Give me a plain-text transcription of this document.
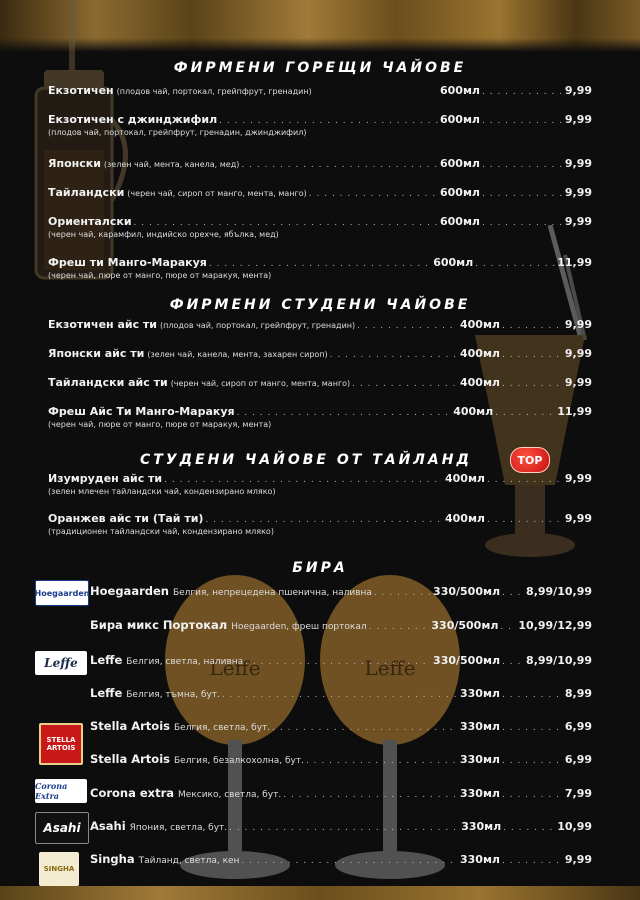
Leffe	Leffe
ФИРМЕНИ ГОРЕЩИ ЧАЙОВЕ
Екзотичен (плодов чай, портокал, грейпфрут, гренадин)	600мл . . .	9,99
Екзотичен с джинджифил . . .	600мл . . .	9,99
(плодов чай, портокал, грейпфрут, гренадин, джинджифил)
Японски (зелен чай, мента, канела, мед) . . .	600мл . . .	9,99
Тайландски (черен чай, сироп от манго, мента, манго) . . .	600мл . . .	9,99
Ориенталски . . .	600мл . . .	9,99
(черен чай, карамфил, индийско орехче, ябълка, мед)
Фреш ти Манго-Маракуя . . .	600мл . . .	11,99
(черен чай, пюре от манго, пюре от маракуя, мента)
ФИРМЕНИ СТУДЕНИ ЧАЙОВЕ
Екзотичен айс ти (плодов чай, портокал, грейпфрут, гренадин) . . .	400мл . . .	9,99
Японски айс ти (зелен чай, канела, мента, захарен сироп) . . .	400мл . . .	9,99
Тайландски айс ти (черен чай, сироп от манго, мента, манго) . . .	400мл . . .	9,99
Фреш Айс Ти Манго-Маракуя . . .	400мл . . .	11,99
(черен чай, пюре от манго, пюре от маракуя, мента)
СТУДЕНИ ЧАЙОВЕ ОТ ТАЙЛАНД	TOP
Изумруден айс ти . . .	400мл . . .	9,99
(зелен млечен тайландски чай, кондензирано мляко)
Оранжев айс ти (Тай ти) . . .	400мл . . .	9,99
(традиционен тайландски чай, кондензирано мляко)
БИРА
Hoegaarden Hoegaarden Белгия, непрецедена пшенична, наливна . . .	330/500мл . . . 8,99/10,99
Бира микс Портокал Hoegaarden, фреш портокал . . .	330/500мл . . . 10,99/12,99
Leffe	Leffe Белгия, светла, наливна . . .	330/500мл . . . 8,99/10,99
Leffe Белгия, тъмна, бут. . . .	330мл . . .	8,99
STELLA ARTOIS
Stella Artois Белгия, светла, бут. . . .	330мл . . .	6,99
Stella Artois Белгия, безалкохолна, бут. . . .	330мл . . .	6,99
Corona Extra	Corona extra Мексико, светла, бут. . . .	330мл . . .	7,99
Asahi Asahi Япония, светла, бут. . . .	330мл . . .	10,99
SINGHA
Singha Тайланд, светла, кен . . .	330мл . . .	9,99
